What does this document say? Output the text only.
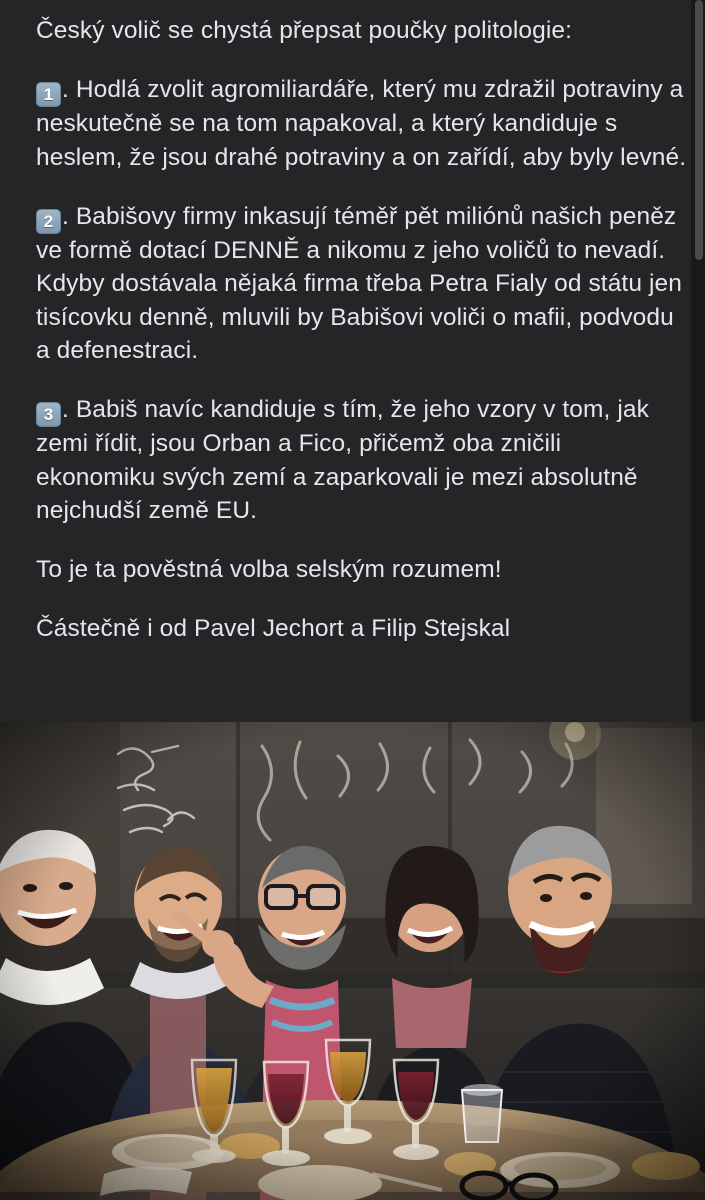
Český volič se chystá přepsat poučky politologie:

1 . Hodlá zvolit agromiliardáře, který mu zdražil potraviny a neskutečně se na tom napakoval, a který kandiduje s heslem, že jsou drahé potraviny a on zařídí, aby byly levné.

2 . Babišovy firmy inkasují téměř pět miliónů našich peněz ve formě dotací DENNĚ a nikomu z jeho voličů to nevadí. Kdyby dostávala nějaká firma třeba Petra Fialy od státu jen tisícovku denně, mluvili by Babišovi voliči o mafii, podvodu a defenestraci.

3 . Babiš navíc kandiduje s tím, že jeho vzory v tom, jak zemi řídit, jsou Orban a Fico, přičemž oba zničili ekonomiku svých zemí a zaparkovali je mezi absolutně nejchudší země EU.

To je ta pověstná volba selským rozumem!

Částečně i od Pavel Jechort a Filip Stejskal
